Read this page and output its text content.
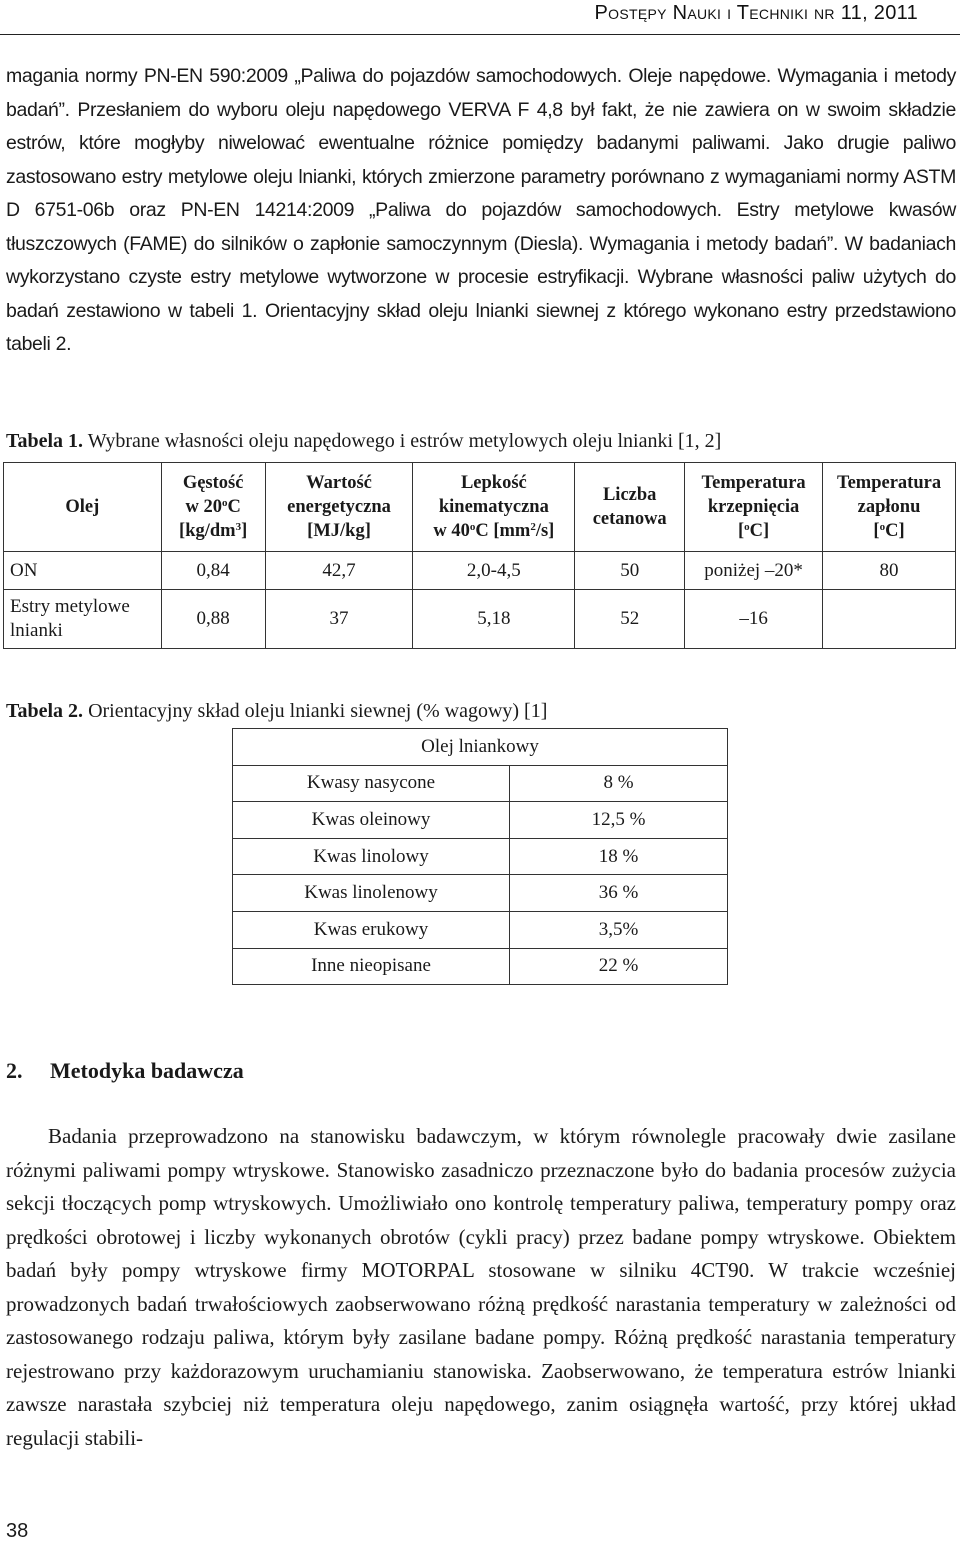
Postępy Nauki i Techniki nr 11, 2011

magania normy PN-EN 590:2009 „Paliwa do pojazdów samochodowych. Oleje napędowe. Wymagania i metody badań”. Przesłaniem do wyboru oleju napędowego VERVA F 4,8 był fakt, że nie zawiera on w swoim składzie estrów, które mogłyby niwelować ewentualne różnice pomiędzy badanymi paliwami. Jako drugie paliwo zastosowano estry metylowe oleju lnianki, których zmierzone parametry porównano z wymaganiami normy ASTM D 6751-06b oraz PN-EN 14214:2009 „Paliwa do pojazdów samochodowych. Estry metylowe kwasów tłuszczowych (FAME) do silników o zapłonie samoczynnym (Diesla). Wymagania i metody badań”. W badaniach wykorzystano czyste estry metylowe wytworzone w procesie estryfikacji. Wybrane własności paliw użytych do badań zestawiono w tabeli 1. Orientacyjny skład oleju lnianki siewnej z którego wykonano estry przedstawiono tabeli 2.

Tabela 1. Wybrane własności oleju napędowego i estrów metylowych oleju lnianki [1, 2]

Olej	Gęstość
w 20$^o$C
$[kg/dm^3]$	Wartość
energetyczna
[MJ/kg]	Lepkość
kinematyczna
w 40$^o$C $[mm^2/s]$	Liczba
cetanowa	Temperatura
krzepnięcia
[$^o$C]	Temperatura
zapłonu
[$^o$C]
ON	0,84	42,7	2,0-4,5	50	poniżej –20*	80
Estry metylowe
lnianki	0,88	37	5,18	52	–16	

Tabela 2. Orientacyjny skład oleju lnianki siewnej (% wagowy) [1]

Olej lniankowy	
Kwasy nasycone	8 %
Kwas oleinowy	12,5 %
Kwas linolowy	18 %
Kwas linolenowy	36 %
Kwas erukowy	3,5%
Inne nieopisane	22 %
2. Metodyka badawcza

Badania przeprowadzono na stanowisku badawczym, w którym równolegle pracowały dwie zasilane różnymi paliwami pompy wtryskowe. Stanowisko zasadniczo przeznaczone było do badania procesów zużycia sekcji tłoczących pomp wtryskowych. Umożliwiało ono kontrolę temperatury paliwa, temperatury pompy oraz prędkości obrotowej i liczby wykonanych obrotów (cykli pracy) przez badane pompy wtryskowe. Obiektem badań były pompy wtryskowe firmy MOTORPAL stosowane w silniku 4CT90. W trakcie wcześniej prowadzonych badań trwałościowych zaobserwowano różną prędkość narastania temperatury w zależności od zastosowanego rodzaju paliwa, którym były zasilane badane pompy. Różną prędkość narastania temperatury rejestrowano przy każdorazowym uruchamianiu stanowiska. Zaobserwowano, że temperatura estrów lnianki zawsze narastała szybciej niż temperatura oleju napędowego, zanim osiągnęła wartość, przy której układ regulacji stabili-

38
